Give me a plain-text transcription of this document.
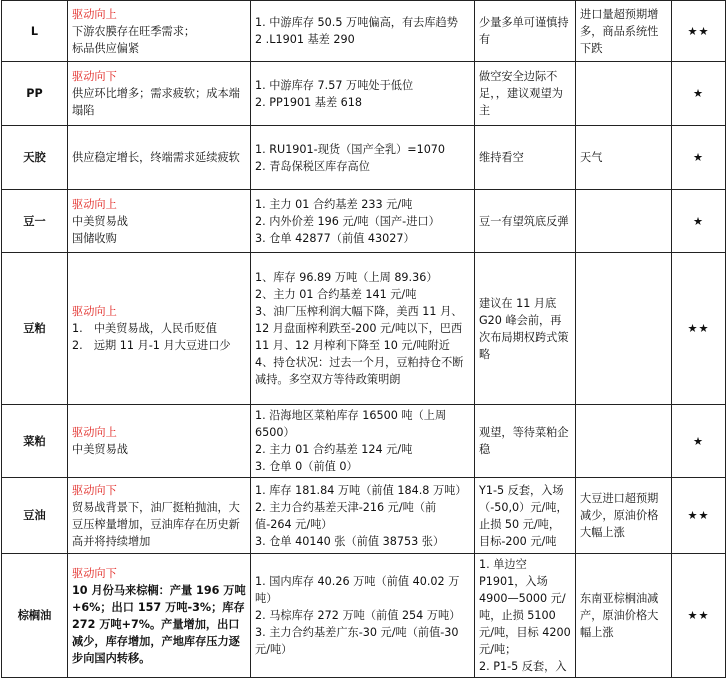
L	驱动向上
下游农膜存在旺季需求；
标品供应偏紧	1. 中游库存 50.5 万吨偏高，有去库趋势
2 .L1901 基差 290	少量多单可谨慎持有	进口量超预期增多，商品系统性下跌	★★
PP	驱动向下
供应环比增多；需求疲软；成本端塌陷	1. 中游库存 7.57 万吨处于低位
2. PP1901 基差 618	做空安全边际不足，，建议观望为主		★
天胶	供应稳定增长，终端需求延续疲软	1. RU1901-现货（国产全乳）=1070
2. 青岛保税区库存高位	维持看空	天气	★
豆一	驱动向上
中美贸易战
国储收购	1. 主力 01 合约基差 233 元/吨
2. 内外价差 196 元/吨（国产-进口）
3. 仓单 42877（前值 43027）	豆一有望筑底反弹		★
豆粕	驱动向上
1.　中美贸易战，人民币贬值
2.　远期 11 月-1 月大豆进口少	1、库存 96.89 万吨（上周 89.36）
2、主力 01 合约基差 141 元/吨
3、油厂压榨利润大幅下降，美西 11 月、12 月盘面榨利跌至-200 元/吨以下，巴西 11 月、12 月榨利下降至 10 元/吨附近
4、持仓状况：过去一个月，豆粕持仓不断减持。多空双方等待政策明朗	建议在 11 月底 G20 峰会前，再次布局期权跨式策略		★★
菜粕	驱动向上
中美贸易战	1. 沿海地区菜粕库存 16500 吨（上周 6500）
2. 主力 01 合约基差 124 元/吨
3. 仓单 0（前值 0）	观望，等待菜粕企稳		★
豆油	驱动向下
贸易战背景下，油厂挺粕抛油，大豆压榨量增加，豆油库存在历史新高并将持续增加	1. 库存 181.84 万吨（前值 184.8 万吨）
2. 主力合约基差天津-216 元/吨（前值-264 元/吨）
3. 仓单 40140 张（前值 38753 张）	Y1-5 反套，入场（-50,0）元/吨，止损 50 元/吨，目标-200 元/吨	大豆进口超预期减少，原油价格大幅上涨	★★
棕榈油	驱动向下
10 月份马来棕榈：产量 196 万吨+6%；出口 157 万吨-3%；库存 272 万吨+7%。产量增加，出口减少，库存增加，产地库存压力逐步向国内转移。	1. 国内库存 40.26 万吨（前值 40.02 万吨）
2. 马棕库存 272 万吨（前值 254 万吨）
3. 主力合约基差广东-30 元/吨（前值-30 元/吨）	1. 单边空 P1901，入场 4900—5000 元/吨，止损 5100 元/吨，目标 4200 元/吨；
2. P1-5 反套，入	东南亚棕榈油减产，原油价格大幅上涨	★★
